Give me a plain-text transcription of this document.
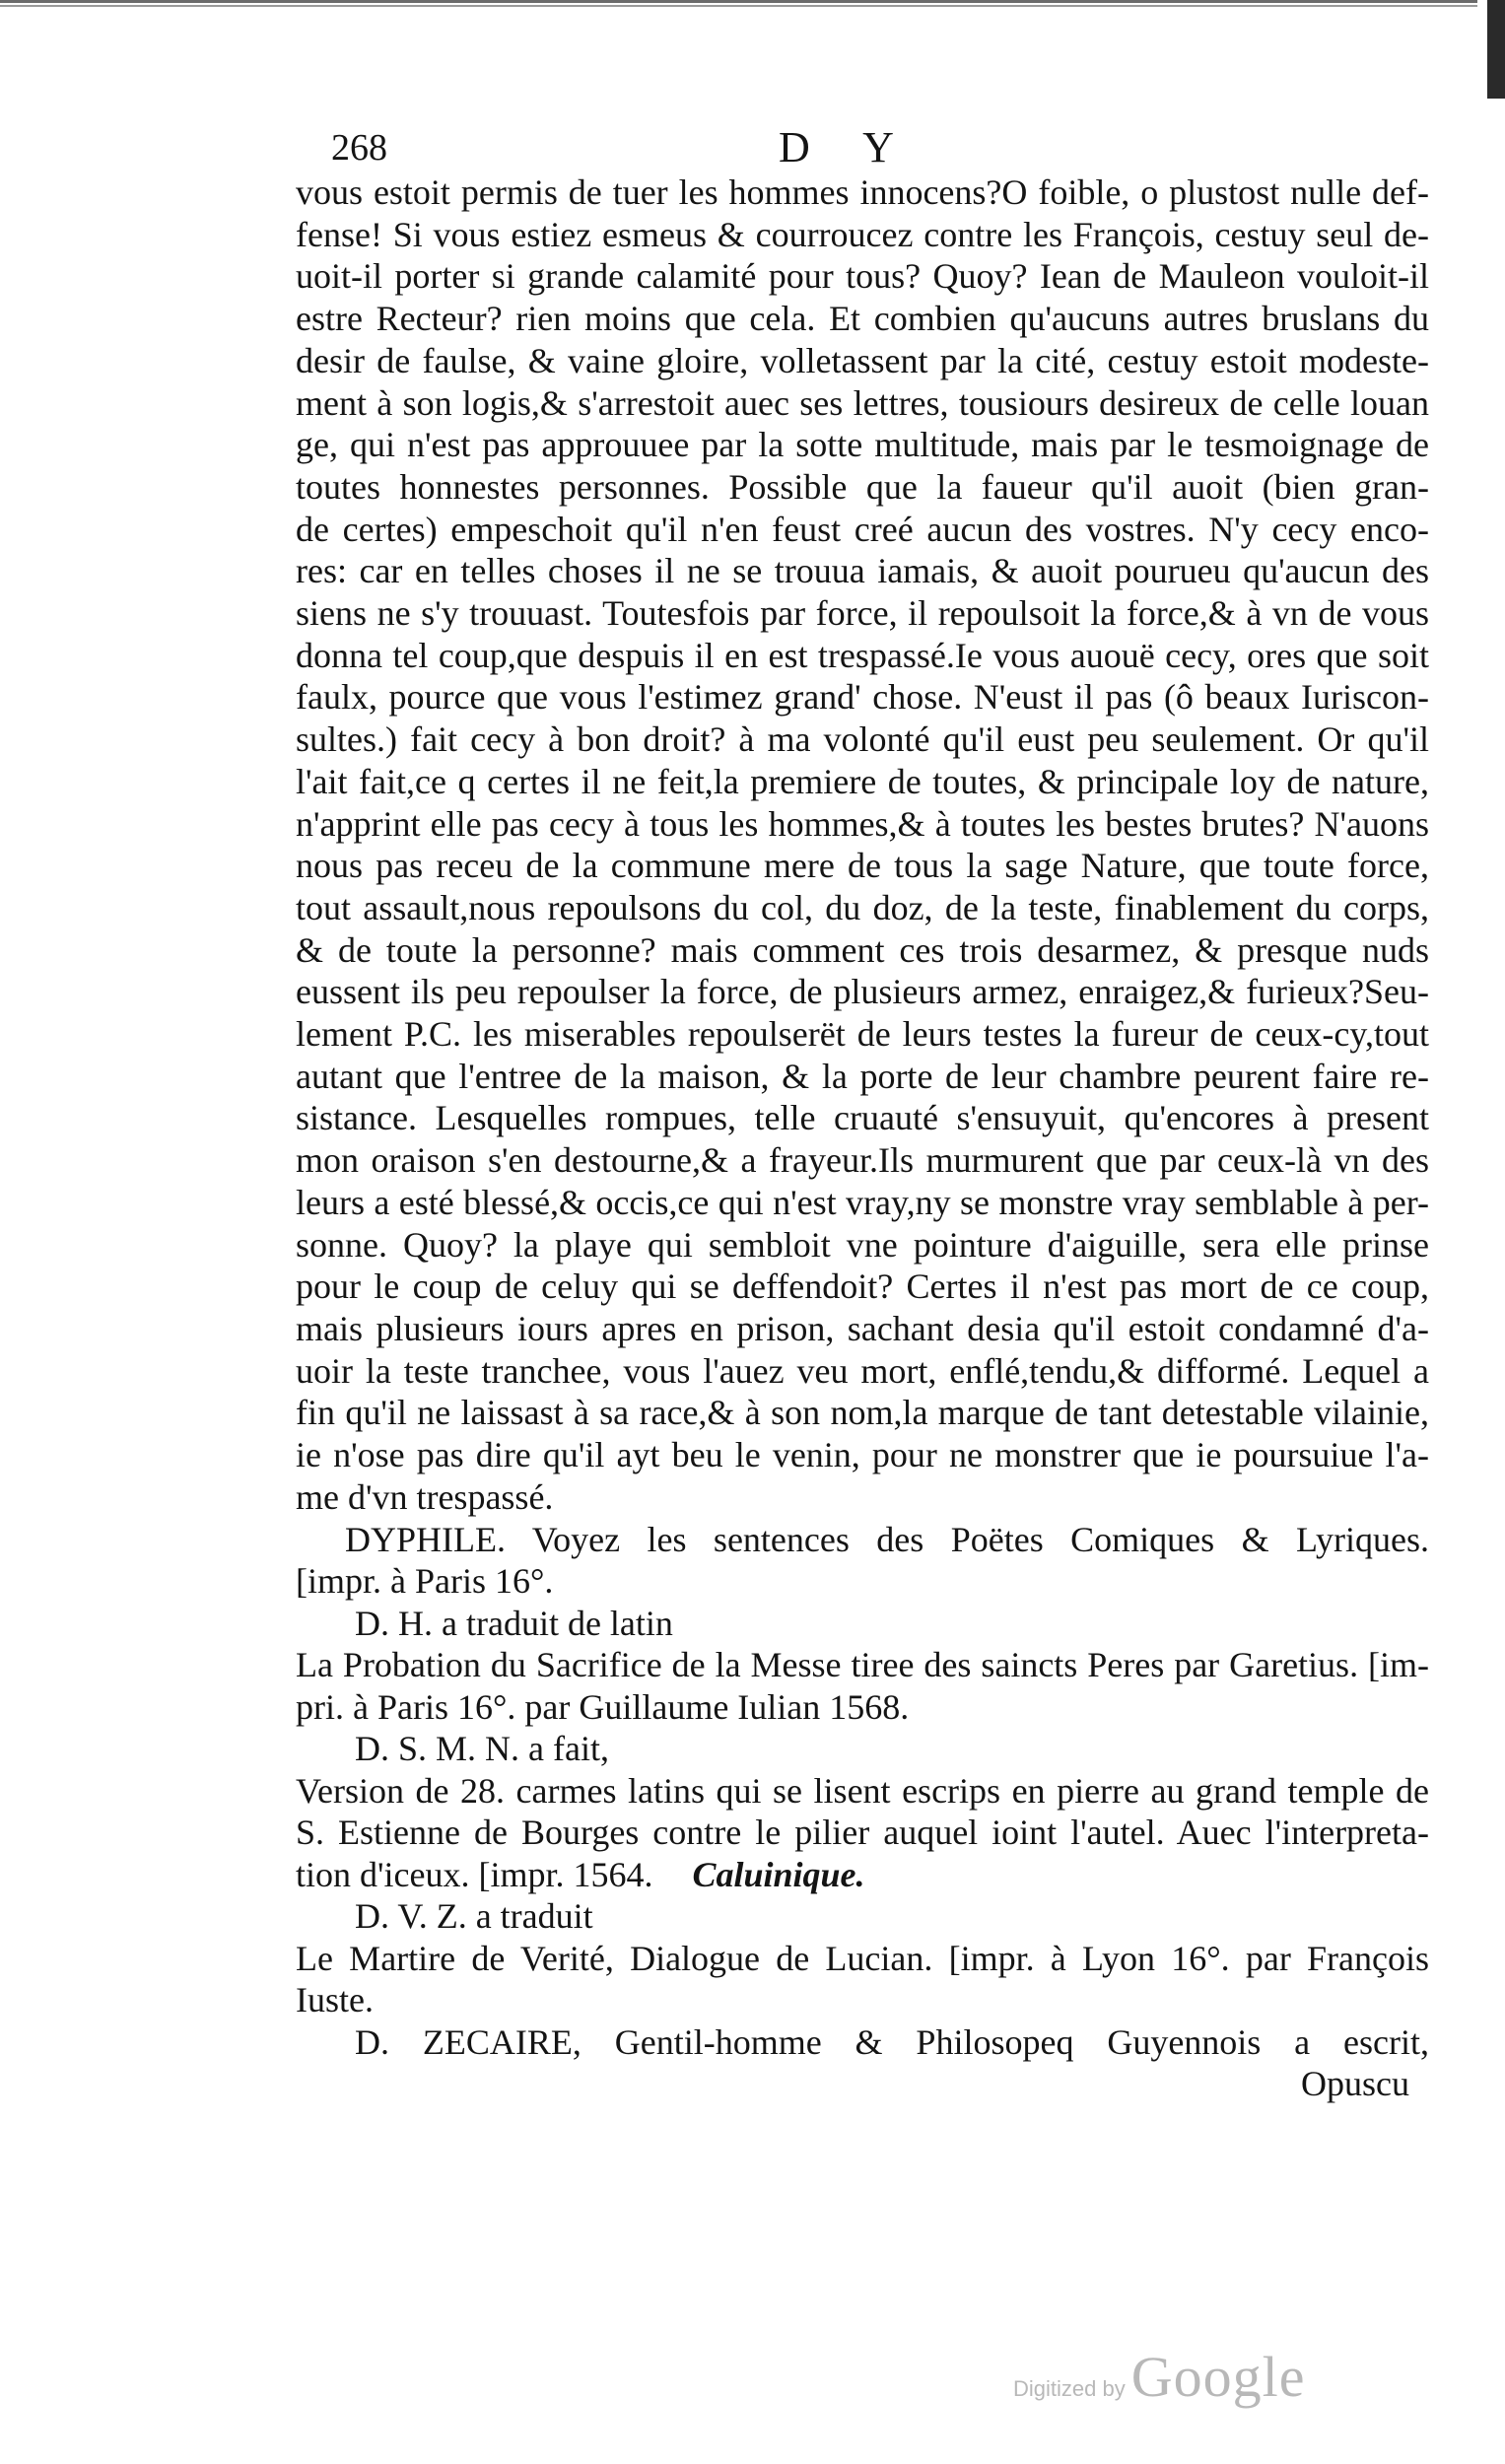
268	D Y
vous estoit permis de tuer les hommes innocens?O foible, o plustost nulle def-
fense! Si vous estiez esmeus & courroucez contre les François, cestuy seul de-
uoit-il porter si grande calamité pour tous? Quoy? Iean de Mauleon vouloit-il
estre Recteur? rien moins que cela. Et combien qu'aucuns autres bruslans du
desir de faulse, & vaine gloire, volletassent par la cité, cestuy estoit modeste-
ment à son logis,& s'arrestoit auec ses lettres, tousiours desireux de celle louan
ge, qui n'est pas approuuee par la sotte multitude, mais par le tesmoignage de
toutes honnestes personnes. Possible que la faueur qu'il auoit (bien gran-
de certes) empeschoit qu'il n'en feust creé aucun des vostres. N'y cecy enco-
res: car en telles choses il ne se trouua iamais, & auoit pourueu qu'aucun des
siens ne s'y trouuast. Toutesfois par force, il repoulsoit la force,& à vn de vous
donna tel coup,que despuis il en est trespassé.Ie vous auouë cecy, ores que soit
faulx, pource que vous l'estimez grand' chose. N'eust il pas (ô beaux Iuriscon-
sultes.) fait cecy à bon droit? à ma volonté qu'il eust peu seulement. Or qu'il
l'ait fait,ce q certes il ne feit,la premiere de toutes, & principale loy de nature,
n'apprint elle pas cecy à tous les hommes,& à toutes les bestes brutes? N'auons
nous pas receu de la commune mere de tous la sage Nature, que toute force,
tout assault,nous repoulsons du col, du doz, de la teste, finablement du corps,
& de toute la personne? mais comment ces trois desarmez, & presque nuds
eussent ils peu repoulser la force, de plusieurs armez, enraigez,& furieux?Seu-
lement P.C. les miserables repoulserët de leurs testes la fureur de ceux-cy,tout
autant que l'entree de la maison, & la porte de leur chambre peurent faire re-
sistance. Lesquelles rompues, telle cruauté s'ensuyuit, qu'encores à present
mon oraison s'en destourne,& a frayeur.Ils murmurent que par ceux-là vn des
leurs a esté blessé,& occis,ce qui n'est vray,ny se monstre vray semblable à per-
sonne. Quoy? la playe qui sembloit vne pointure d'aiguille, sera elle prinse
pour le coup de celuy qui se deffendoit? Certes il n'est pas mort de ce coup,
mais plusieurs iours apres en prison, sachant desia qu'il estoit condamné d'a-
uoir la teste tranchee, vous l'auez veu mort, enflé,tendu,& difformé. Lequel a
fin qu'il ne laissast à sa race,& à son nom,la marque de tant detestable vilainie,
ie n'ose pas dire qu'il ayt beu le venin, pour ne monstrer que ie poursuiue l'a-
me d'vn trespassé.
DYPHILE. Voyez les sentences des Poëtes Comiques & Lyriques.
[impr. à Paris 16°.
D. H. a traduit de latin
La Probation du Sacrifice de la Messe tiree des saincts Peres par Garetius. [im-
pri. à Paris 16°. par Guillaume Iulian 1568.
D. S. M. N. a fait,
Version de 28. carmes latins qui se lisent escrips en pierre au grand temple de
S. Estienne de Bourges contre le pilier auquel ioint l'autel. Auec l'interpreta-
tion d'iceux. [impr. 1564. Caluinique.
D. V. Z. a traduit
Le Martire de Verité, Dialogue de Lucian. [impr. à Lyon 16°. par François
Iuste.
D. ZECAIRE, Gentil-homme & Philosopeq Guyennois a escrit,
Opuscu
Digitized by Google
